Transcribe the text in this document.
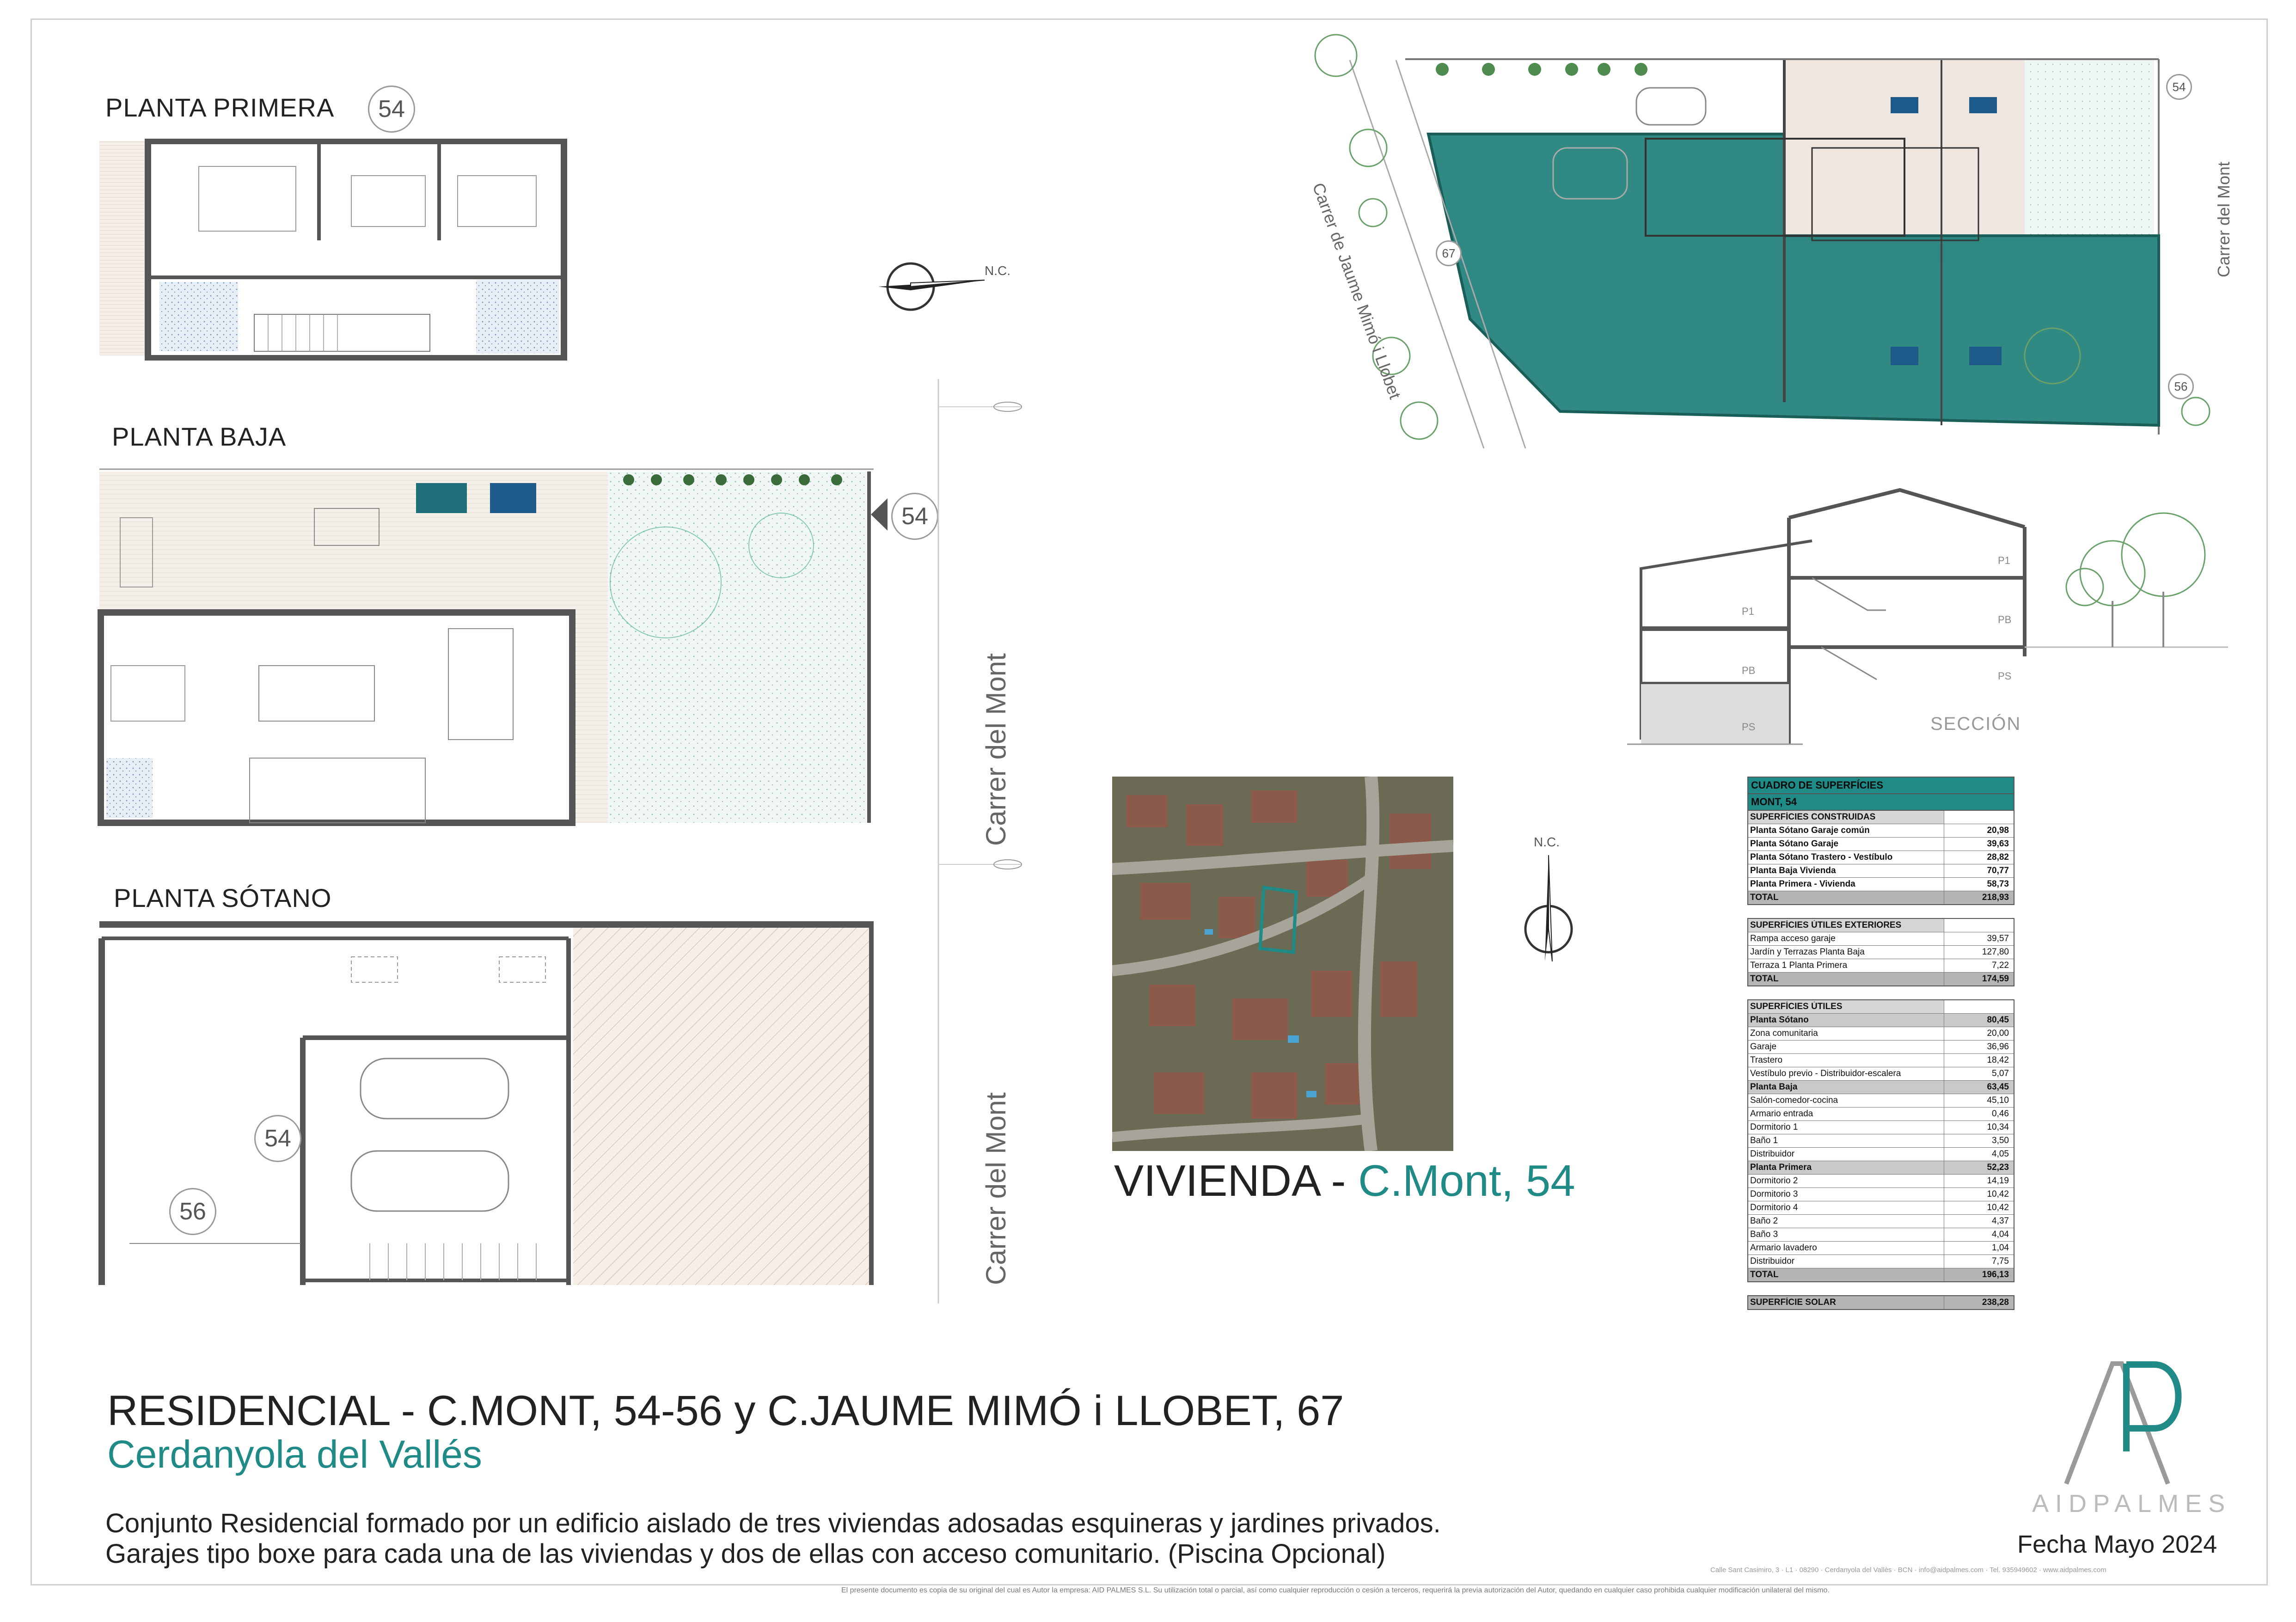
PLANTA PRIMERA	54
PLANTA BAJA
54
PLANTA SÓTANO
54
56
Carrer del Mont
Carrer del Mont
N.C.
54
67
56
Carrer de Jaume Mimó i Llobet	Carrer del Mont
P1
P1
PB
PB	PS
PS	SECCIÓN
N.C.
VIVIENDA - C.Mont, 54
CUADRO DE SUPERFÍCIES
MONT, 54
SUPERFÍCIES CONSTRUIDAS
Planta Sótano Garaje común	20,98
Planta Sótano Garaje	39,63
Planta Sótano Trastero - Vestíbulo	28,82
Planta Baja Vivienda	70,77
Planta Primera - Vivienda	58,73
TOTAL	218,93
SUPERFÍCIES ÚTILES EXTERIORES
Rampa acceso garaje	39,57
Jardín y Terrazas Planta Baja	127,80
Terraza 1 Planta Primera	7,22
TOTAL	174,59
SUPERFÍCIES ÚTILES
Planta Sótano	80,45
Zona comunitaria	20,00
Garaje	36,96
Trastero	18,42
Vestíbulo previo - Distribuidor-escalera	5,07
Planta Baja	63,45
Salón-comedor-cocina	45,10
Armario entrada	0,46
Dormitorio 1	10,34
Baño 1	3,50
Distribuidor	4,05
Planta Primera	52,23
Dormitorio 2	14,19
Dormitorio 3	10,42
Dormitorio 4	10,42
Baño 2	4,37
Baño 3	4,04
Armario lavadero	1,04
Distribuidor	7,75
TOTAL	196,13
SUPERFÍCIE SOLAR	238,28
RESIDENCIAL - C.MONT, 54-56 y C.JAUME MIMÓ i LLOBET, 67
Cerdanyola del Vallés
Conjunto Residencial formado por un edificio aislado de tres viviendas adosadas esquineras y jardines privados.
Garajes tipo boxe para cada una de las viviendas y dos de ellas con acceso comunitario. (Piscina Opcional)
AIDPALMES
Calle Sant Casimiro, 3 · L1 · 08290 · Cerdanyola del Vallès · BCN · info@aidpalmes.com · Tel. 935949602 · www.aidpalmes.com
Fecha Mayo 2024
El presente documento es copia de su original del cual es Autor la empresa: AID PALMES S.L. Su utilización total o parcial, así como cualquier reproducción o cesión a terceros, requerirá la previa autorización del Autor, quedando en cualquier caso prohibida cualquier modificación unilateral del mismo.
